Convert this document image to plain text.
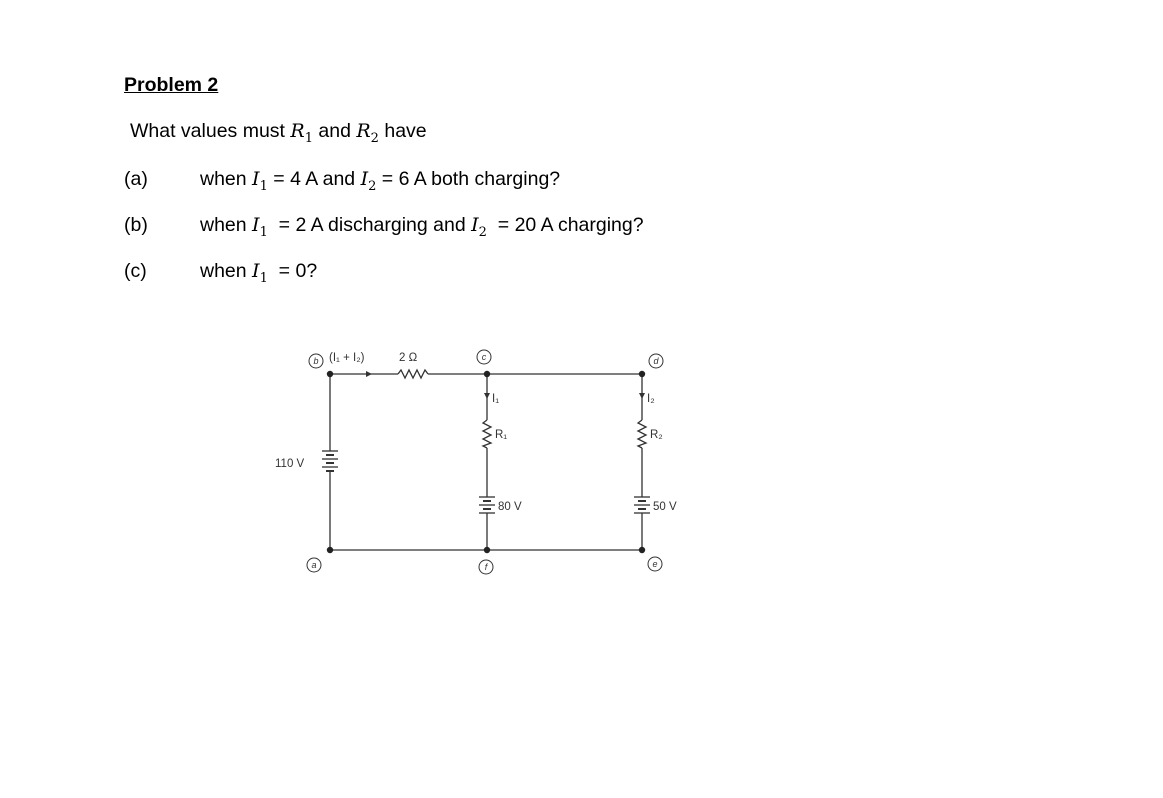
Problem 2
What values must $R_1$ and $R_2$ have
(a)	when $I_1 = 4$ A and $I_2 = 6$ A both charging?
(b)	when $I_1 = 2$ A discharging and $I_2 = 20$ A charging?
(c)	when $I_1 = 0$?
b	c	d
a	f	e
(I₁ + I₂)	2 Ω
I₁	I₂
R₁	R₂
110 V
80 V	50 V
